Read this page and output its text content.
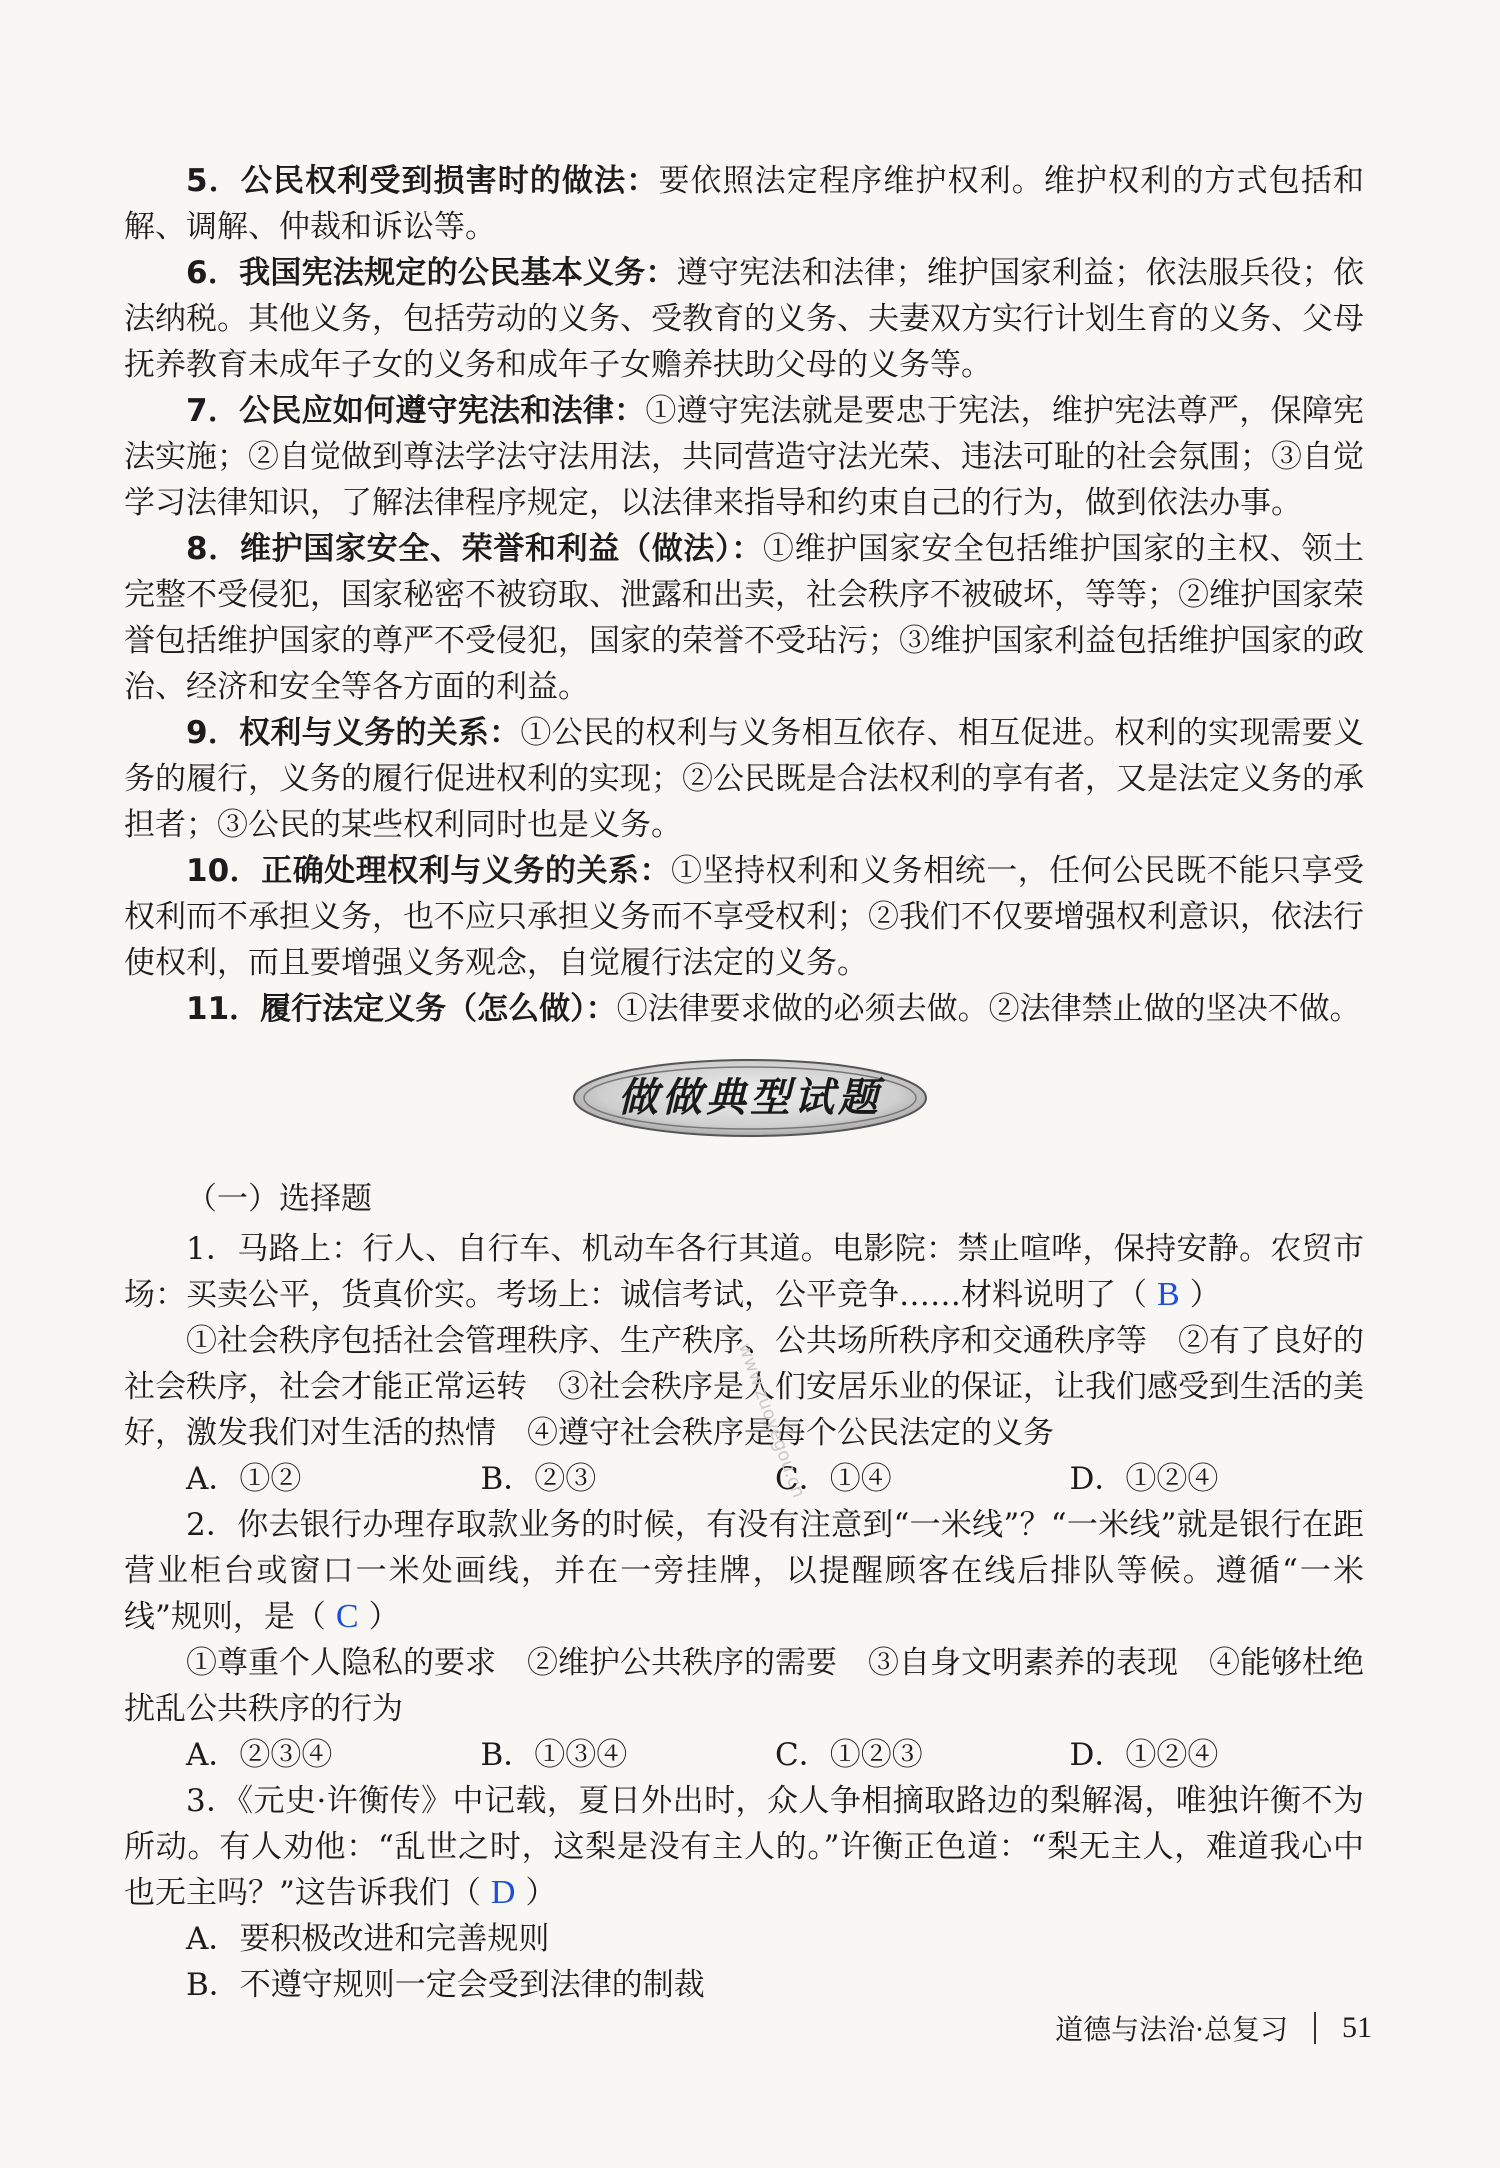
5．公民权利受到损害时的做法：要依照法定程序维护权利。维护权利的方式包括和解、调解、仲裁和诉讼等。

6．我国宪法规定的公民基本义务：遵守宪法和法律；维护国家利益；依法服兵役；依法纳税。其他义务，包括劳动的义务、受教育的义务、夫妻双方实行计划生育的义务、父母抚养教育未成年子女的义务和成年子女赡养扶助父母的义务等。

7．公民应如何遵守宪法和法律：①遵守宪法就是要忠于宪法，维护宪法尊严，保障宪法实施；②自觉做到尊法学法守法用法，共同营造守法光荣、违法可耻的社会氛围；③自觉学习法律知识，了解法律程序规定，以法律来指导和约束自己的行为，做到依法办事。

8．维护国家安全、荣誉和利益（做法）：①维护国家安全包括维护国家的主权、领土完整不受侵犯，国家秘密不被窃取、泄露和出卖，社会秩序不被破坏，等等；②维护国家荣誉包括维护国家的尊严不受侵犯，国家的荣誉不受玷污；③维护国家利益包括维护国家的政治、经济和安全等各方面的利益。

9．权利与义务的关系：①公民的权利与义务相互依存、相互促进。权利的实现需要义务的履行，义务的履行促进权利的实现；②公民既是合法权利的享有者，又是法定义务的承担者；③公民的某些权利同时也是义务。

10．正确处理权利与义务的关系：①坚持权利和义务相统一，任何公民既不能只享受权利而不承担义务，也不应只承担义务而不享受权利；②我们不仅要增强权利意识，依法行使权利，而且要增强义务观念，自觉履行法定的义务。

11．履行法定义务（怎么做）：①法律要求做的必须去做。②法律禁止做的坚决不做。

做做典型试题

（一）选择题

1．马路上：行人、自行车、机动车各行其道。电影院：禁止喧哗，保持安静。农贸市场：买卖公平，货真价实。考场上：诚信考试，公平竞争……材料说明了（ B ）

①社会秩序包括社会管理秩序、生产秩序、公共场所秩序和交通秩序等　②有了良好的社会秩序，社会才能正常运转　③社会秩序是人们安居乐业的保证，让我们感受到生活的美好，激发我们对生活的热情　④遵守社会秩序是每个公民法定的义务

A．①②	B．②③	C．①④	D．①②④

2．你去银行办理存取款业务的时候，有没有注意到“一米线”？“一米线”就是银行在距营业柜台或窗口一米处画线，并在一旁挂牌，以提醒顾客在线后排队等候。遵循“一米线”规则，是（ C ）

①尊重个人隐私的要求　②维护公共秩序的需要　③自身文明素养的表现　④能够杜绝扰乱公共秩序的行为

A．②③④	B．①③④	C．①②③	D．①②④

3．《元史·许衡传》中记载，夏日外出时，众人争相摘取路边的梨解渴，唯独许衡不为所动。有人劝他：“乱世之时，这梨是没有主人的。”许衡正色道：“梨无主人，难道我心中也无主吗？”这告诉我们（ D ）

A．要积极改进和完善规则

B．不遵守规则一定会受到法律的制裁

www.zuoyegou.cn
道德与法治·总复习 51
